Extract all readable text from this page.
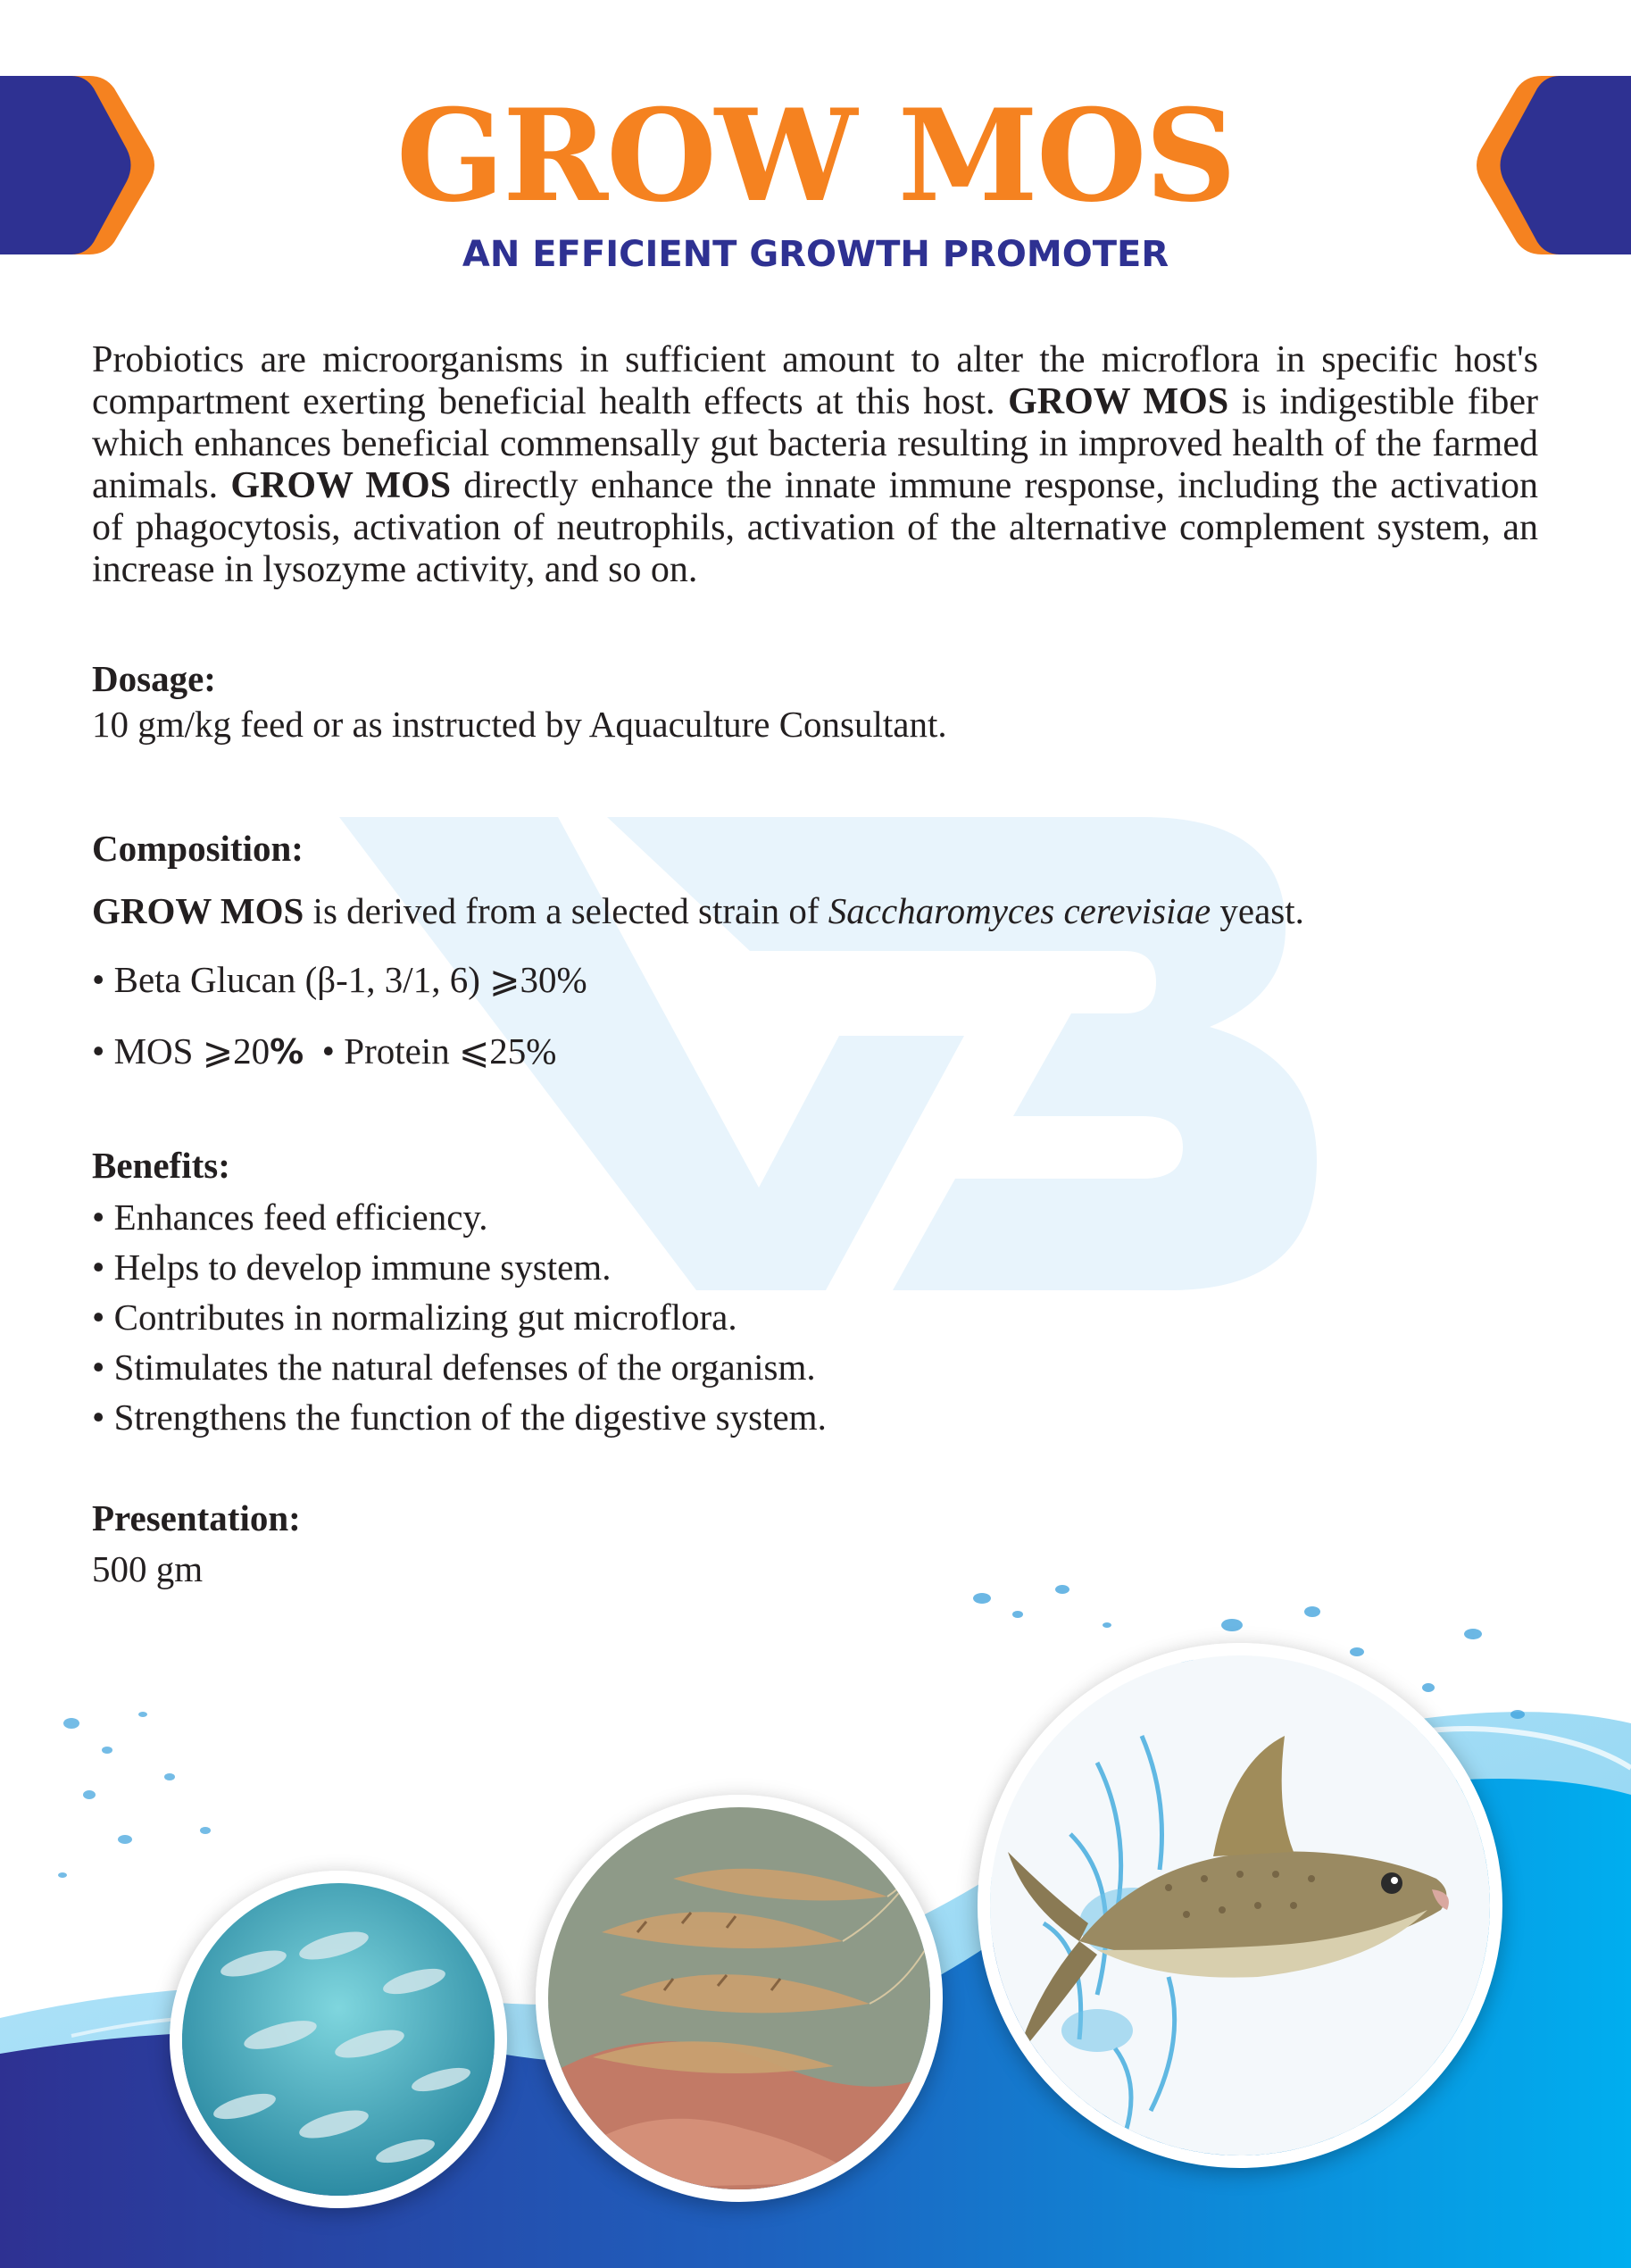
GROW MOS
AN EFFICIENT GROWTH PROMOTER
Probiotics are microorganisms in sufficient amount to alter the microflora in specific host's compartment exerting beneficial health effects at this host. GROW MOS is indigestible fiber which enhances beneficial commensally gut bacteria resulting in improved health of the farmed animals. GROW MOS directly enhance the innate immune response, including the activation of phagocytosis, activation of neutrophils, activation of the alternative complement system, an increase in lysozyme activity, and so on.
Dosage:
10 gm/kg feed or as instructed by Aquaculture Consultant.
Composition:
GROW MOS is derived from a selected strain of Saccharomyces cerevisiae yeast.
• Beta Glucan (β-1, 3/1, 6) ⩾30%
• MOS ⩾20% • Protein ⩽25%
Benefits:
• Enhances feed efficiency.
• Helps to develop immune system.
• Contributes in normalizing gut microflora.
• Stimulates the natural defenses of the organism.
• Strengthens the function of the digestive system.
Presentation:
500 gm
